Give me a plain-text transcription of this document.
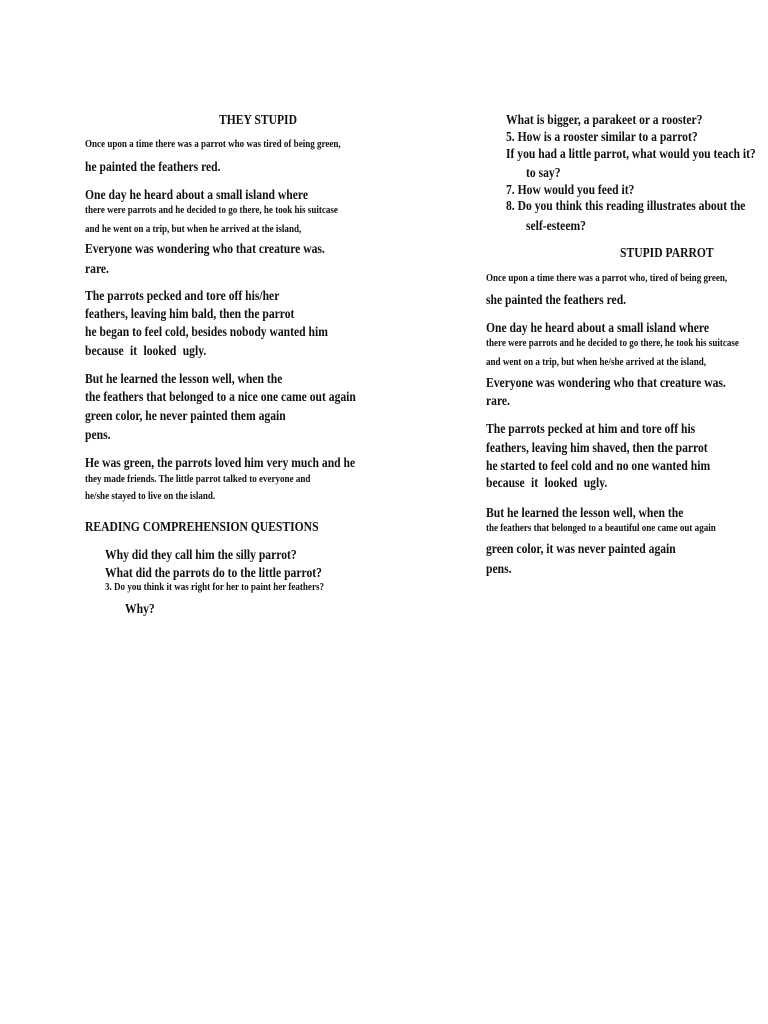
THEY STUPID
Once upon a time there was a parrot who was tired of being green,
he painted the feathers red.
One day he heard about a small island where
there were parrots and he decided to go there, he took his suitcase
and he went on a trip, but when he arrived at the island,
Everyone was wondering who that creature was.
rare.
The parrots pecked and tore off his/her
feathers, leaving him bald, then the parrot
he began to feel cold, besides nobody wanted him
because it looked ugly.
But he learned the lesson well, when the
the feathers that belonged to a nice one came out again
green color, he never painted them again
pens.
He was green, the parrots loved him very much and he
they made friends. The little parrot talked to everyone and
he/she stayed to live on the island.
READING COMPREHENSION QUESTIONS
Why did they call him the silly parrot?
What did the parrots do to the little parrot?
3. Do you think it was right for her to paint her feathers?
Why?
What is bigger, a parakeet or a rooster?
5. How is a rooster similar to a parrot?
If you had a little parrot, what would you teach it?
to say?
7. How would you feed it?
8. Do you think this reading illustrates about the
self-esteem?
STUPID PARROT
Once upon a time there was a parrot who, tired of being green,
she painted the feathers red.
One day he heard about a small island where
there were parrots and he decided to go there, he took his suitcase
and went on a trip, but when he/she arrived at the island,
Everyone was wondering who that creature was.
rare.
The parrots pecked at him and tore off his
feathers, leaving him shaved, then the parrot
he started to feel cold and no one wanted him
because it looked ugly.
But he learned the lesson well, when the
the feathers that belonged to a beautiful one came out again
green color, it was never painted again
pens.
